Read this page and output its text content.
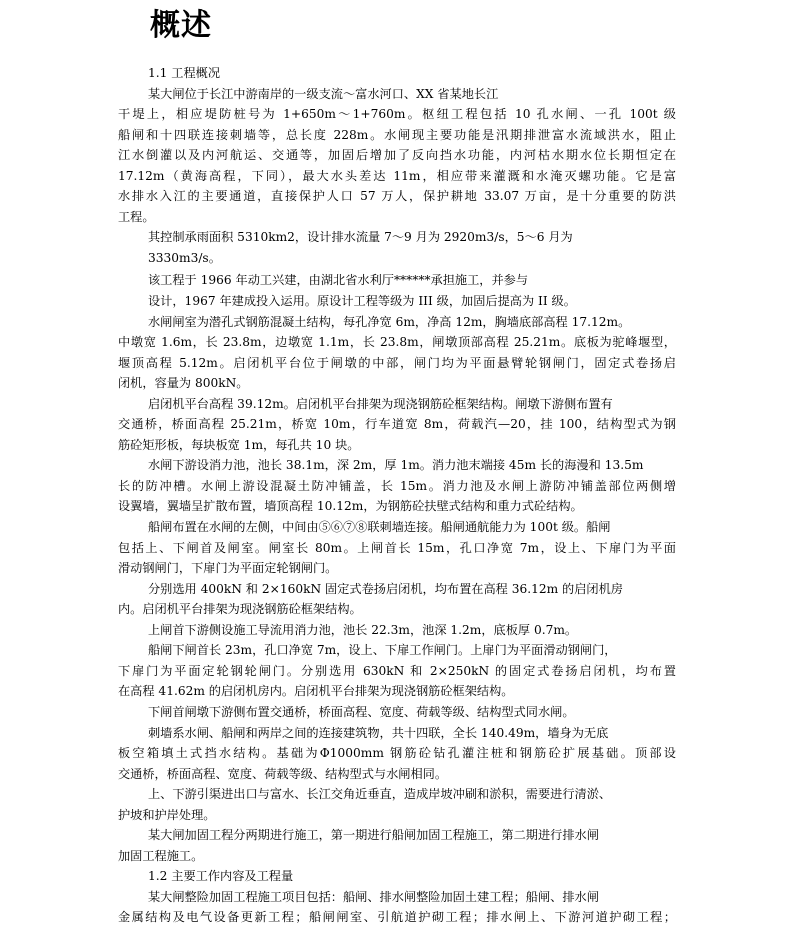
概述
1.1 工程概况
某大闸位于长江中游南岸的一级支流～富水河口、XX 省某地长江
干堤上，相应堤防桩号为 1+650m～1+760m。枢纽工程包括 10 孔水闸、一孔 100t 级
船闸和十四联连接刺墙等，总长度 228m。水闸现主要功能是汛期排泄富水流域洪水，阻止
江水倒灌以及内河航运、交通等，加固后增加了反向挡水功能，内河枯水期水位长期恒定在
17.12m（黄海高程，下同），最大水头差达 11m，相应带来灌溉和水淹灭螺功能。它是富
水排水入江的主要通道，直接保护人口 57 万人，保护耕地 33.07 万亩，是十分重要的防洪
工程。
其控制承雨面积 5310km2，设计排水流量 7～9 月为 2920m3/s，5～6 月为
3330m3/s。
该工程于 1966 年动工兴建，由湖北省水利厅******承担施工，并参与
设计，1967 年建成投入运用。原设计工程等级为 III 级，加固后提高为 II 级。
水闸闸室为潜孔式钢筋混凝土结构，每孔净宽 6m，净高 12m，胸墙底部高程 17.12m。
中墩宽 1.6m，长 23.8m，边墩宽 1.1m，长 23.8m，闸墩顶部高程 25.21m。底板为驼峰堰型，
堰顶高程 5.12m。启闭机平台位于闸墩的中部，闸门均为平面悬臂轮钢闸门，固定式卷扬启
闭机，容量为 800kN。
启闭机平台高程 39.12m。启闭机平台排架为现浇钢筋砼框架结构。闸墩下游侧布置有
交通桥，桥面高程 25.21m，桥宽 10m，行车道宽 8m，荷载汽—20，挂 100，结构型式为钢
筋砼矩形板，每块板宽 1m，每孔共 10 块。
水闸下游设消力池，池长 38.1m，深 2m，厚 1m。消力池末端接 45m 长的海漫和 13.5m
长的防冲槽。水闸上游设混凝土防冲铺盖，长 15m。消力池及水闸上游防冲铺盖部位两侧增
设翼墙，翼墙呈扩散布置，墙顶高程 10.12m，为钢筋砼扶壁式结构和重力式砼结构。
船闸布置在水闸的左侧，中间由⑤⑥⑦⑧联刺墙连接。船闸通航能力为 100t 级。船闸
包括上、下闸首及闸室。闸室长 80m。上闸首长 15m，孔口净宽 7m，设上、下扉门为平面
滑动钢闸门，下扉门为平面定轮钢闸门。
分别选用 400kN 和 2×160kN 固定式卷扬启闭机，均布置在高程 36.12m 的启闭机房
内。启闭机平台排架为现浇钢筋砼框架结构。
上闸首下游侧设施工导流用消力池，池长 22.3m，池深 1.2m，底板厚 0.7m。
船闸下闸首长 23m，孔口净宽 7m，设上、下扉工作闸门。上扉门为平面滑动钢闸门，
下扉门为平面定轮钢轮闸门。分别选用 630kN 和 2×250kN 的固定式卷扬启闭机，均布置
在高程 41.62m 的启闭机房内。启闭机平台排架为现浇钢筋砼框架结构。
下闸首闸墩下游侧布置交通桥，桥面高程、宽度、荷载等级、结构型式同水闸。
刺墙系水闸、船闸和两岸之间的连接建筑物，共十四联，全长 140.49m，墙身为无底
板空箱填土式挡水结构。基础为Φ1000mm 钢筋砼钻孔灌注桩和钢筋砼扩展基础。顶部设
交通桥，桥面高程、宽度、荷载等级、结构型式与水闸相同。
上、下游引渠进出口与富水、长江交角近垂直，造成岸坡冲刷和淤积，需要进行清淤、
护坡和护岸处理。
某大闸加固工程分两期进行施工，第一期进行船闸加固工程施工，第二期进行排水闸
加固工程施工。
1.2 主要工作内容及工程量
某大闸整险加固工程施工项目包括：船闸、排水闸整险加固土建工程；船闸、排水闸
金属结构及电气设备更新工程；船闸闸室、引航道护砌工程；排水闸上、下游河道护砌工程；
